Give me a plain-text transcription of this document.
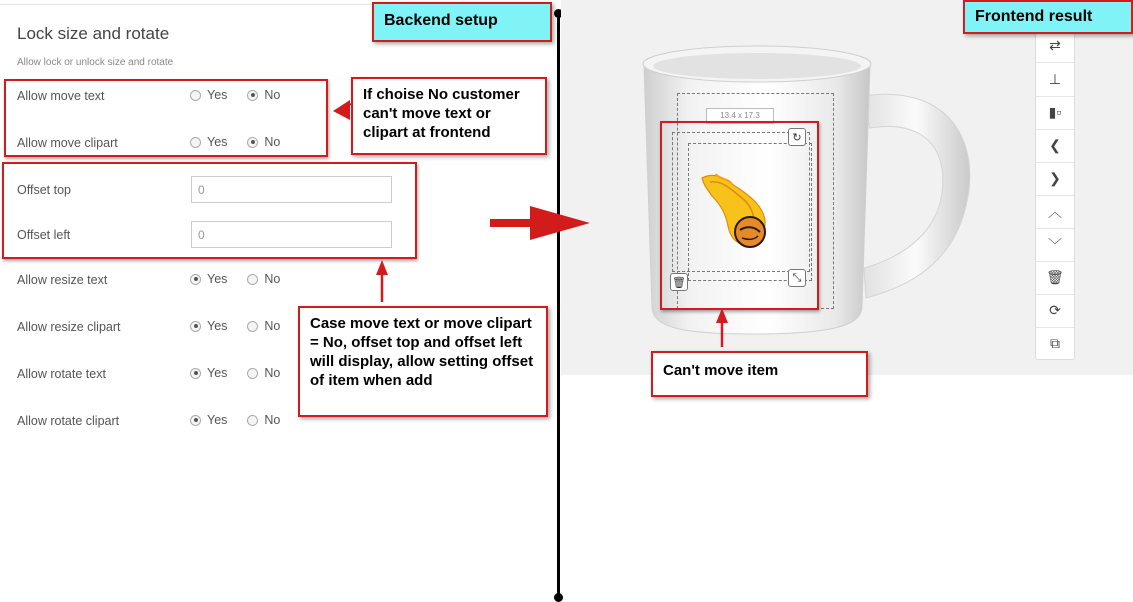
Lock size and rotate
Allow lock or unlock size and rotate
Allow move text	Yes	No
Allow move clipart	Yes	No
Offset top
0
Offset left
0
Allow resize text	Yes	No
Allow resize clipart	Yes	No
Allow rotate text	Yes	No
Allow rotate clipart	Yes	No
If choise No customer can't move text or clipart at frontend
Case move text or move clipart = No, offset top and offset left will display, allow setting offset of item when add
13.4 x 17.3
↻
🗑	⤡
⇄
⊥
▮▫
❮
❯
︿
﹀
🗑
⟳
⧉
Backend setup	Frontend result
Can't move item
